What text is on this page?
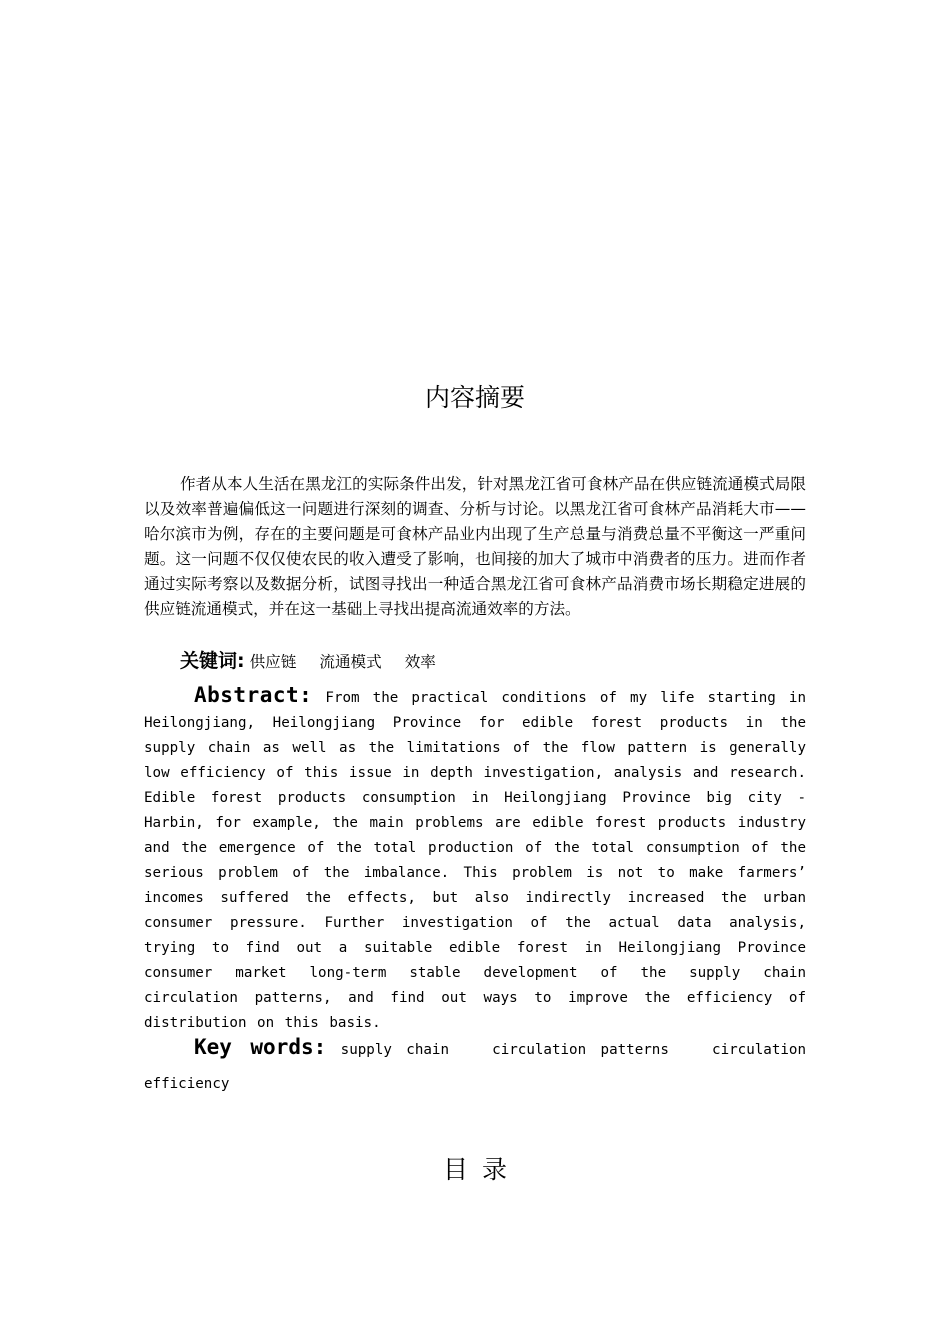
内容摘要

作者从本人生活在黑龙江的实际条件出发，针对黑龙江省可食林产品在供应链流通模式局限以及效率普遍偏低这一问题进行深刻的调查、分析与讨论。以黑龙江省可食林产品消耗大市——哈尔滨市为例，存在的主要问题是可食林产品业内出现了生产总量与消费总量不平衡这一严重问题。这一问题不仅仅使农民的收入遭受了影响，也间接的加大了城市中消费者的压力。进而作者通过实际考察以及数据分析，试图寻找出一种适合黑龙江省可食林产品消费市场长期稳定进展的供应链流通模式，并在这一基础上寻找出提高流通效率的方法。

关键词: 供应链 流通模式 效率

Abstract: From the practical conditions of my life starting in Heilongjiang, Heilongjiang Province for edible forest products in the supply chain as well as the limitations of the flow pattern is generally low efficiency of this issue in depth investigation, analysis and research. Edible forest products consumption in Heilongjiang Province big city - Harbin, for example, the main problems are edible forest products industry and the emergence of the total production of the total consumption of the serious problem of the imbalance. This problem is not to make farmers’ incomes suffered the effects, but also indirectly increased the urban consumer pressure. Further investigation of the actual data analysis, trying to find out a suitable edible forest in Heilongjiang Province consumer market long-term stable development of the supply chain circulation patterns, and find out ways to improve the efficiency of distribution on this basis.

Key words: supply chain   circulation patterns   circulation efficiency

目录
